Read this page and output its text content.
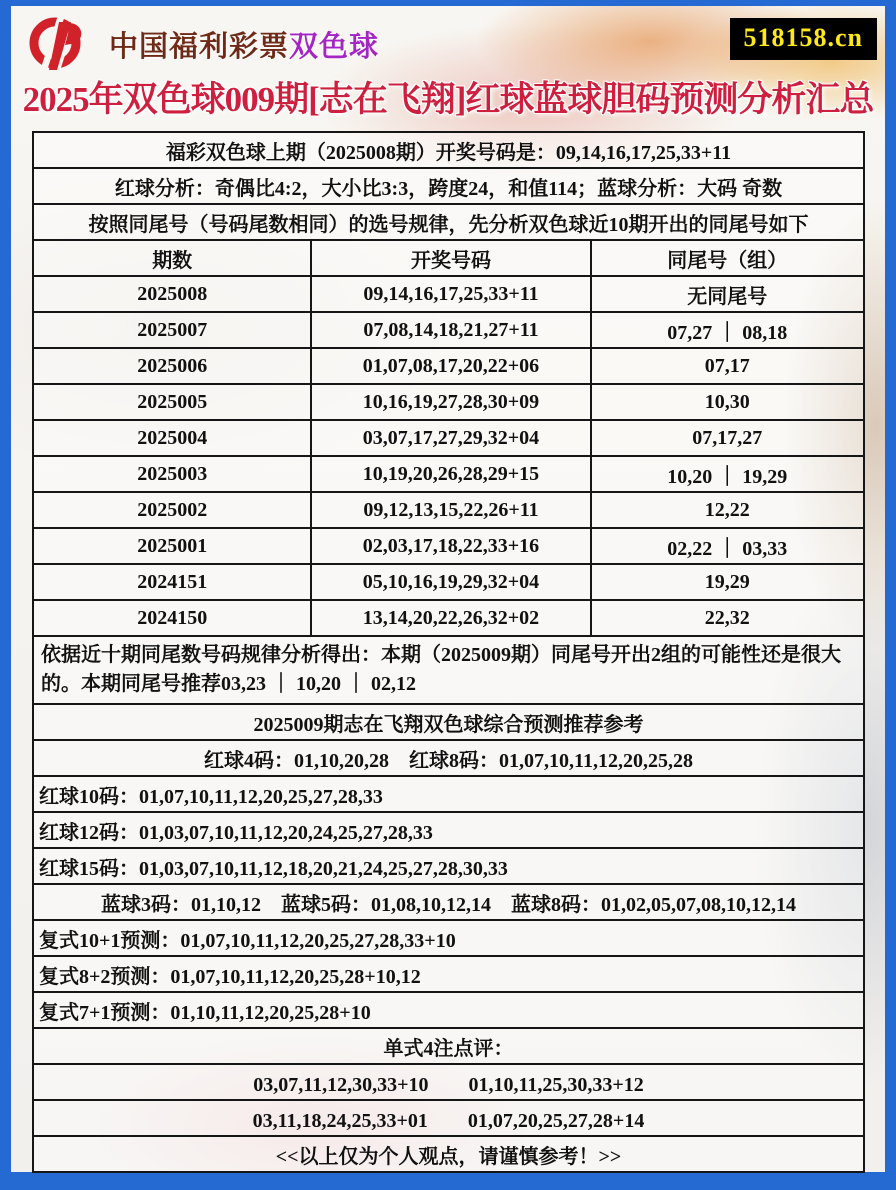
中国福利彩票双色球	518158.cn
2025年双色球009期[志在飞翔]红球蓝球胆码预测分析汇总
福彩双色球上期（2025008期）开奖号码是：09,14,16,17,25,33+11		
红球分析：奇偶比4:2，大小比3:3，跨度24，和值114；蓝球分析：大码 奇数		
按照同尾号（号码尾数相同）的选号规律，先分析双色球近10期开出的同尾号如下		
期数	开奖号码	同尾号（组）
2025008	09,14,16,17,25,33+11	无同尾号
2025007	07,08,14,18,21,27+11	07,27 ｜ 08,18
2025006	01,07,08,17,20,22+06	07,17
2025005	10,16,19,27,28,30+09	10,30
2025004	03,07,17,27,29,32+04	07,17,27
2025003	10,19,20,26,28,29+15	10,20 ｜ 19,29
2025002	09,12,13,15,22,26+11	12,22
2025001	02,03,17,18,22,33+16	02,22 ｜ 03,33
2024151	05,10,16,19,29,32+04	19,29
2024150	13,14,20,22,26,32+02	22,32
依据近十期同尾数号码规律分析得出：本期（2025009期）同尾号开出2组的可能性还是很大的。本期同尾号推荐03,23 ｜ 10,20 ｜ 02,12		
2025009期志在飞翔双色球综合预测推荐参考		
红球4码：01,10,20,28　红球8码：01,07,10,11,12,20,25,28		
红球10码：01,07,10,11,12,20,25,27,28,33		
红球12码：01,03,07,10,11,12,20,24,25,27,28,33		
红球15码：01,03,07,10,11,12,18,20,21,24,25,27,28,30,33		
蓝球3码：01,10,12　蓝球5码：01,08,10,12,14　蓝球8码：01,02,05,07,08,10,12,14		
复式10+1预测：01,07,10,11,12,20,25,27,28,33+10		
复式8+2预测：01,07,10,11,12,20,25,28+10,12		
复式7+1预测：01,10,11,12,20,25,28+10		
单式4注点评：		
03,07,11,12,30,33+10　　01,10,11,25,30,33+12		
03,11,18,24,25,33+01　　01,07,20,25,27,28+14		
<<以上仅为个人观点，请谨慎参考！>>		
